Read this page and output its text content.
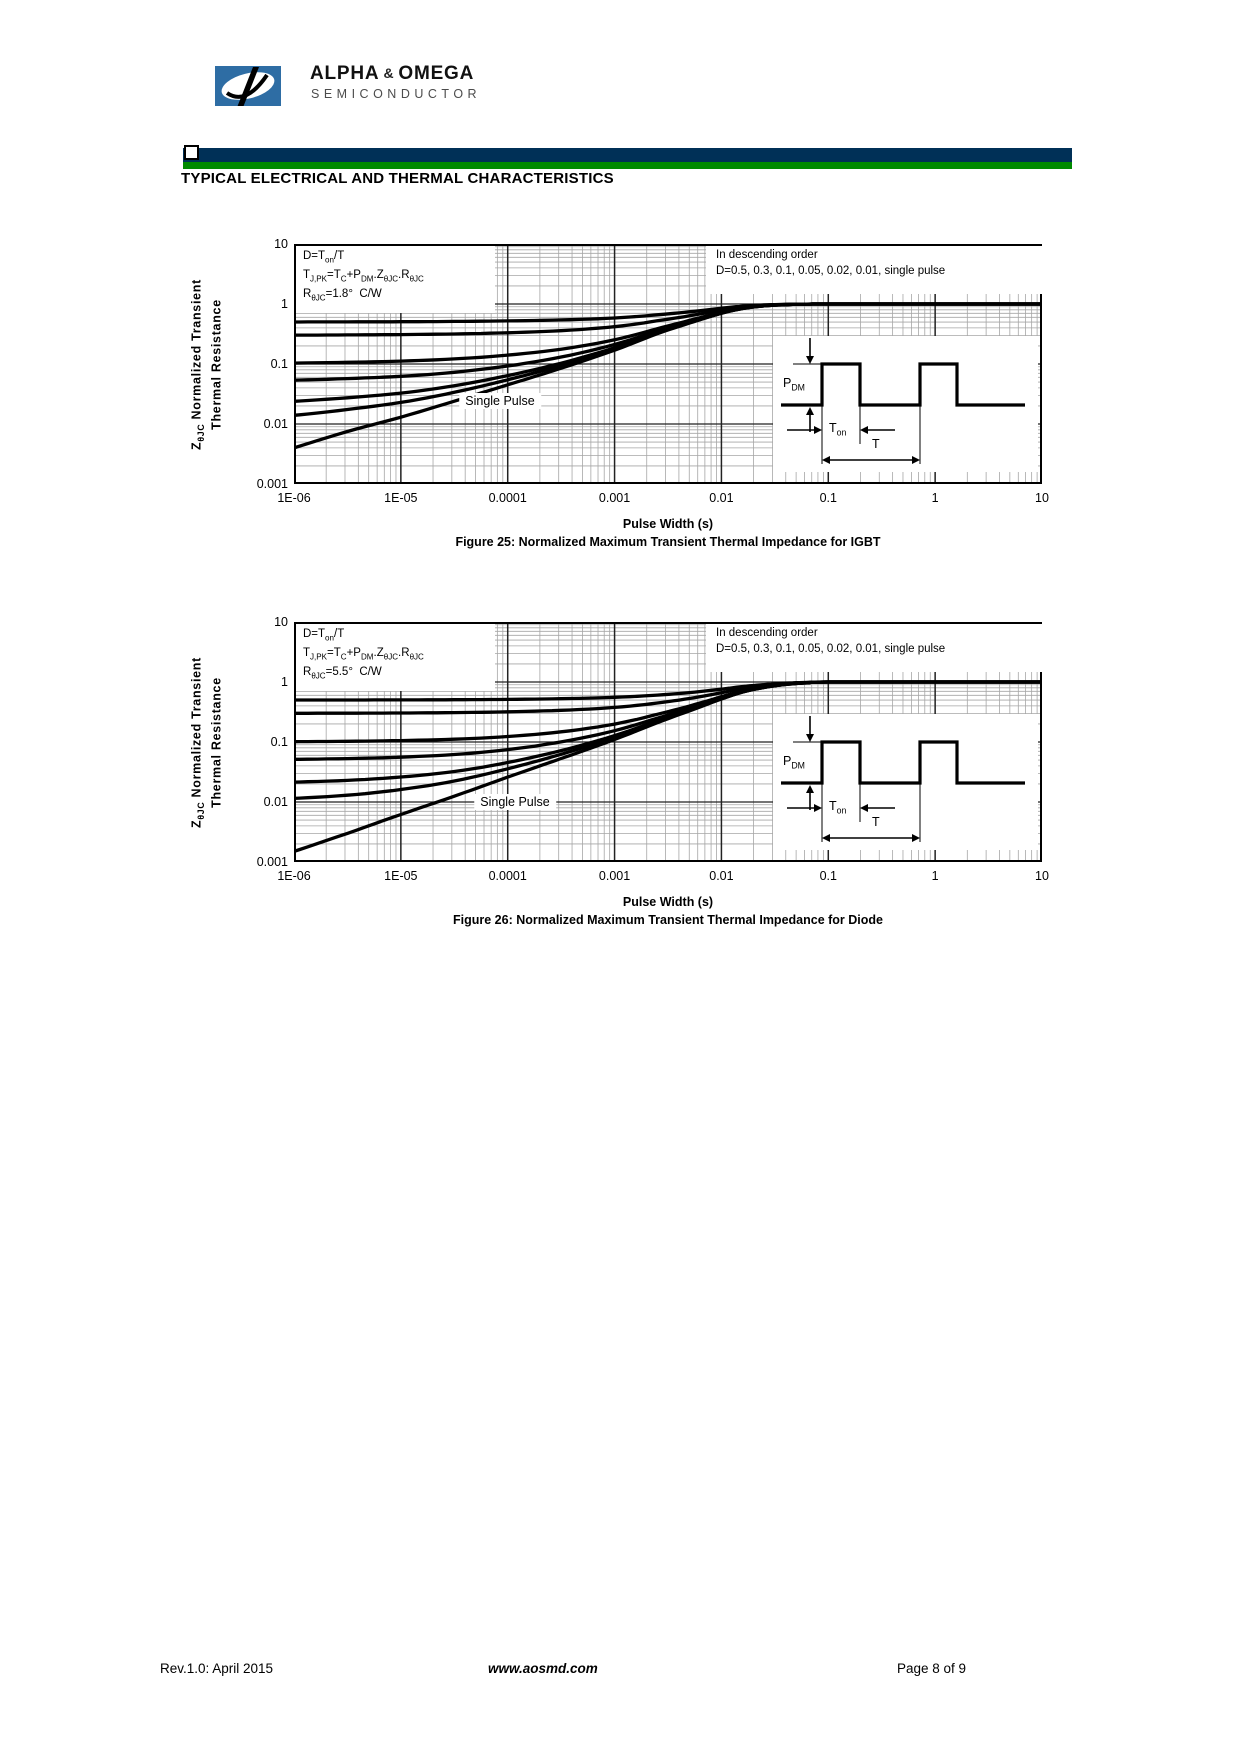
ALPHA & OMEGA
SEMICONDUCTOR
TYPICAL ELECTRICAL AND THERMAL CHARACTERISTICS
$Z_{\theta JC}$ Normalized Transient Thermal Resistance
$D=T_{on}/T$
$T_{J,PK}=T_C+P_{DM}.Z_{\theta JC}.R_{\theta JC}$
$R_{\theta JC}=1.8^\circ$  C/W
In descending order
D=0.5, 0.3, 0.1, 0.05, 0.02, 0.01, single pulse
Single Pulse
$P_{DM}$
$T_{on}$
T
10
1
0.1
0.01
0.001
1E-06	1E-05	0.0001	0.001	0.01	0.1	1	10
Pulse Width (s)
Figure 25: Normalized Maximum Transient Thermal Impedance for IGBT
$Z_{\theta JC}$ Normalized Transient Thermal Resistance
$D=T_{on}/T$
$T_{J,PK}=T_C+P_{DM}.Z_{\theta JC}.R_{\theta JC}$
$R_{\theta JC}=5.5^\circ$  C/W
In descending order
D=0.5, 0.3, 0.1, 0.05, 0.02, 0.01, single pulse
Single Pulse
$P_{DM}$
$T_{on}$
T
10
1
0.1
0.01
0.001
1E-06	1E-05	0.0001	0.001	0.01	0.1	1	10
Pulse Width (s)
Figure 26: Normalized Maximum Transient Thermal Impedance for Diode
Rev.1.0: April 2015	www.aosmd.com	Page 8 of 9
